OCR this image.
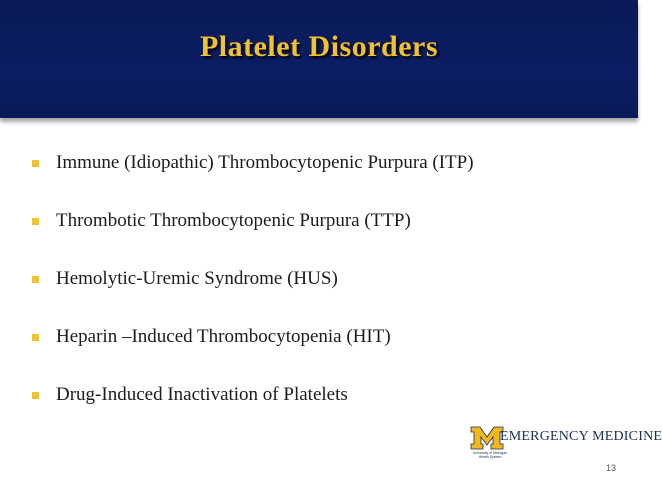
Platelet Disorders
Immune (Idiopathic) Thrombocytopenic Purpura (ITP)
Thrombotic Thrombocytopenic Purpura (TTP)
Hemolytic-Uremic Syndrome (HUS)
Heparin –Induced Thrombocytopenia (HIT)
Drug-Induced Inactivation of Platelets
EMERGENCY MEDICINE
University of Michigan
Health System
13
